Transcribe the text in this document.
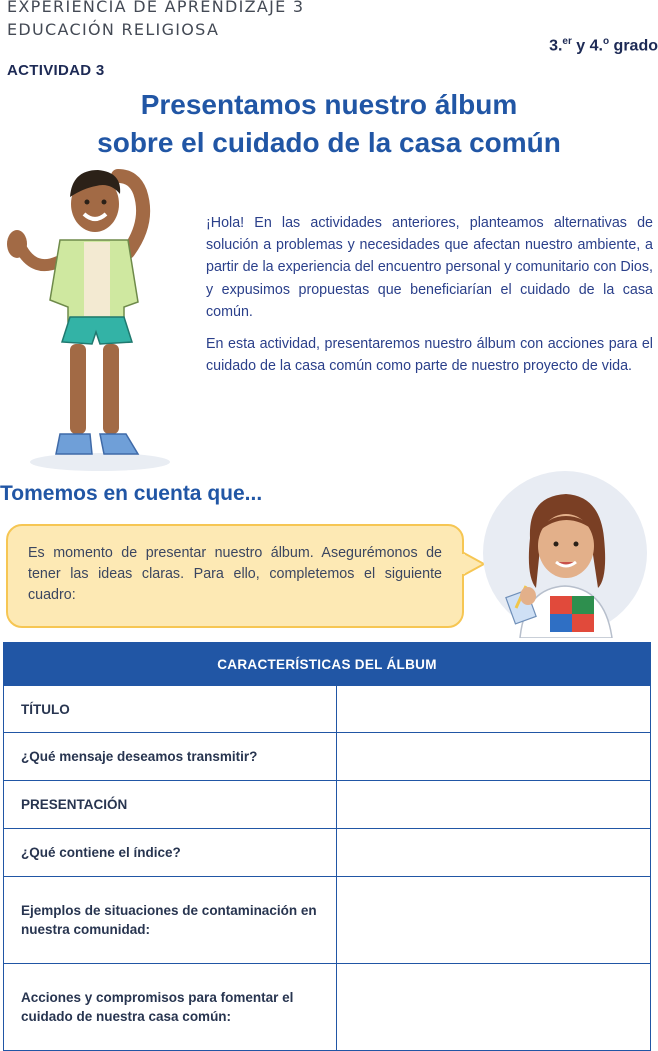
EXPERIENCIA DE APRENDIZAJE 3
EDUCACIÓN RELIGIOSA
3.$^{er}$ y 4.$^o$ grado
ACTIVIDAD 3
Presentamos nuestro álbum
sobre el cuidado de la casa común
¡Hola! En las actividades anteriores, planteamos alternativas de solución a problemas y necesidades que afectan nuestro ambiente, a partir de la experiencia del encuentro personal y comunitario con Dios, y expusimos propuestas que beneficiarían el cuidado de la casa común.
En esta actividad, presentaremos nuestro álbum con acciones para el cuidado de la casa común como parte de nuestro proyecto de vida.
Tomemos en cuenta que...
Es momento de presentar nuestro álbum. Asegurémonos de tener las ideas claras. Para ello, completemos el siguiente cuadro:
CARACTERÍSTICAS DEL ÁLBUM	
TÍTULO	
¿Qué mensaje deseamos transmitir?	
PRESENTACIÓN	
¿Qué contiene el índice?	
Ejemplos de situaciones de contaminación en nuestra comunidad:	
Acciones y compromisos para fomentar el cuidado de nuestra casa común:	
